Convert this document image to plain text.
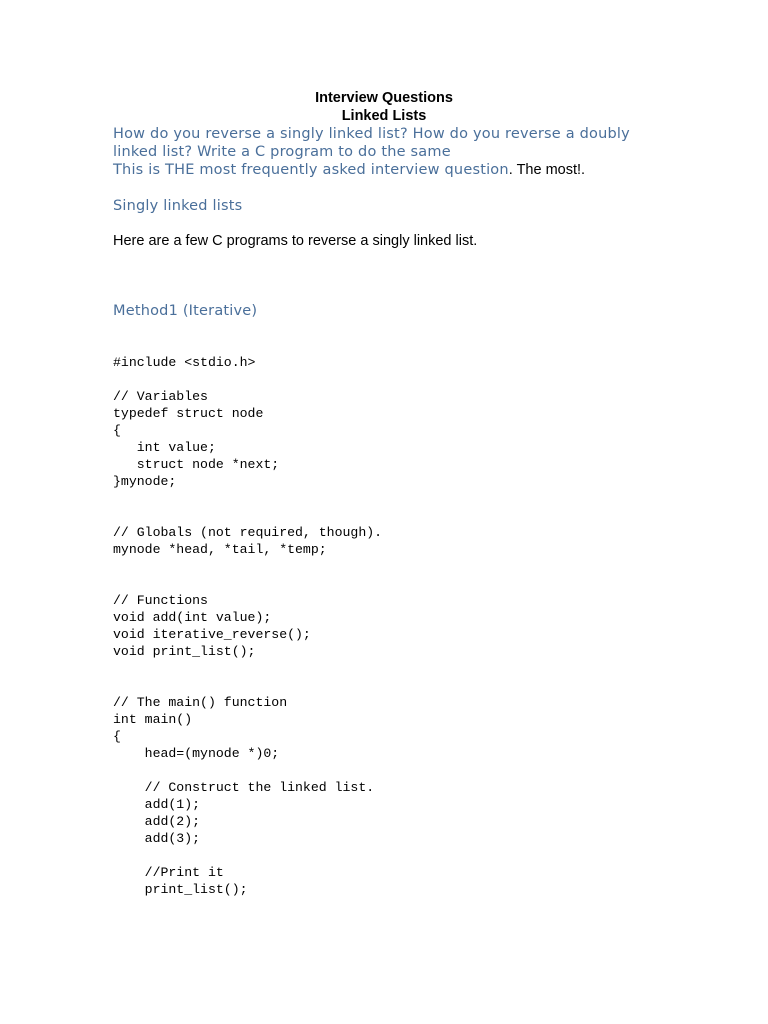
Interview Questions
Linked Lists

How do you reverse a singly linked list? How do you reverse a doubly

linked list? Write a C program to do the same

This is THE most frequently asked interview question. The most!.

Singly linked lists

Here are a few C programs to reverse a singly linked list.

Method1 (Iterative)

#include <stdio.h>
// Variables
typedef struct node
{
int value;
struct node *next;
}mynode;
// Globals (not required, though).
mynode *head, *tail, *temp;
// Functions
void add(int value);
void iterative_reverse();
void print_list();
// The main() function
int main()
{
head=(mynode *)0;
// Construct the linked list.
add(1);
add(2);
add(3);
//Print it
print_list();
